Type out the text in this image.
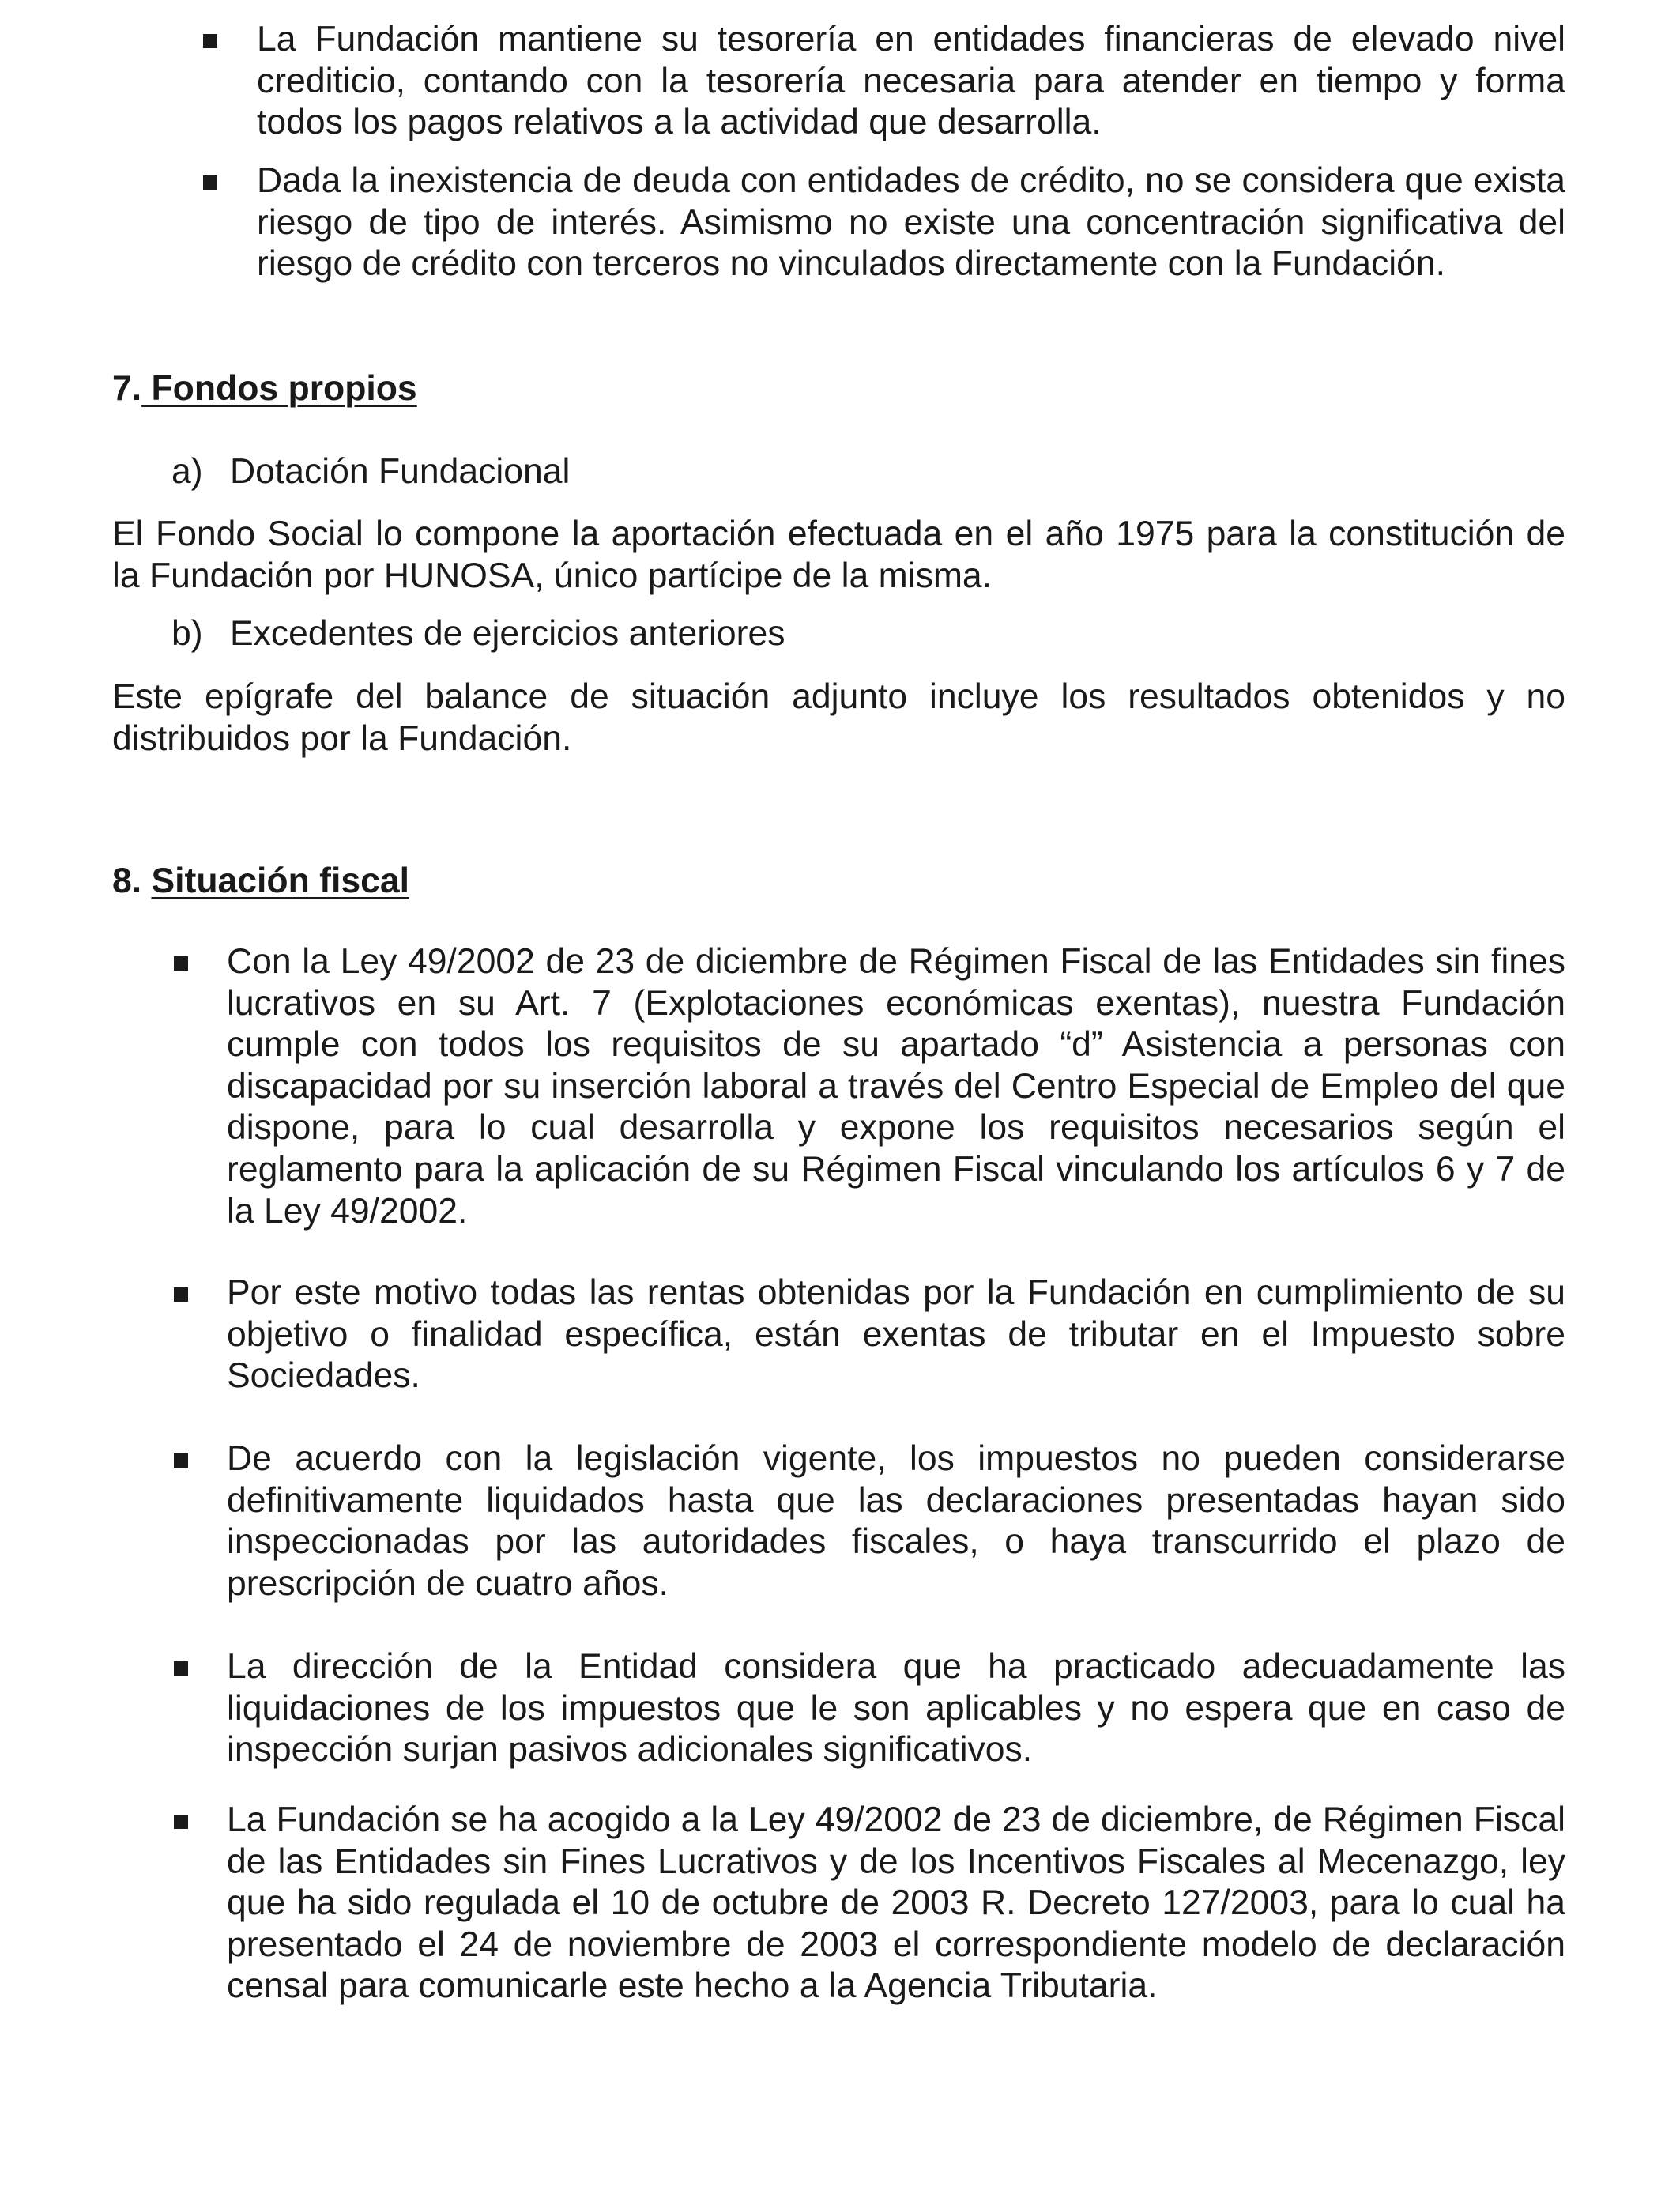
La Fundación mantiene su tesorería en entidades financieras de elevado nivel crediticio, contando con la tesorería necesaria para atender en tiempo y forma todos los pagos relativos a la actividad que desarrolla.

Dada la inexistencia de deuda con entidades de crédito, no se considera que exista riesgo de tipo de interés. Asimismo no existe una concentración significativa del riesgo de crédito con terceros no vinculados directamente con la Fundación.

7. Fondos propios

a) Dotación Fundacional

El Fondo Social lo compone la aportación efectuada en el año 1975 para la constitución de la Fundación por HUNOSA, único partícipe de la misma.

b) Excedentes de ejercicios anteriores

Este epígrafe del balance de situación adjunto incluye los resultados obtenidos y no distribuidos por la Fundación.

8. Situación fiscal

Con la Ley 49/2002 de 23 de diciembre de Régimen Fiscal de las Entidades sin fines lucrativos en su Art. 7 (Explotaciones económicas exentas), nuestra Fundación cumple con todos los requisitos de su apartado “d” Asistencia a personas con discapacidad por su inserción laboral a través del Centro Especial de Empleo del que dispone, para lo cual desarrolla y expone los requisitos necesarios según el reglamento para la aplicación de su Régimen Fiscal vinculando los artículos 6 y 7 de la Ley 49/2002.

Por este motivo todas las rentas obtenidas por la Fundación en cumplimiento de su objetivo o finalidad específica, están exentas de tributar en el Impuesto sobre Sociedades.

De acuerdo con la legislación vigente, los impuestos no pueden considerarse definitivamente liquidados hasta que las declaraciones presentadas hayan sido inspeccionadas por las autoridades fiscales, o haya transcurrido el plazo de prescripción de cuatro años.

La dirección de la Entidad considera que ha practicado adecuadamente las liquidaciones de los impuestos que le son aplicables y no espera que en caso de inspección surjan pasivos adicionales significativos.

La Fundación se ha acogido a la Ley 49/2002 de 23 de diciembre, de Régimen Fiscal de las Entidades sin Fines Lucrativos y de los Incentivos Fiscales al Mecenazgo, ley que ha sido regulada el 10 de octubre de 2003 R. Decreto 127/2003, para lo cual ha presentado el 24 de noviembre de 2003 el correspondiente modelo de declaración censal para comunicarle este hecho a la Agencia Tributaria.
